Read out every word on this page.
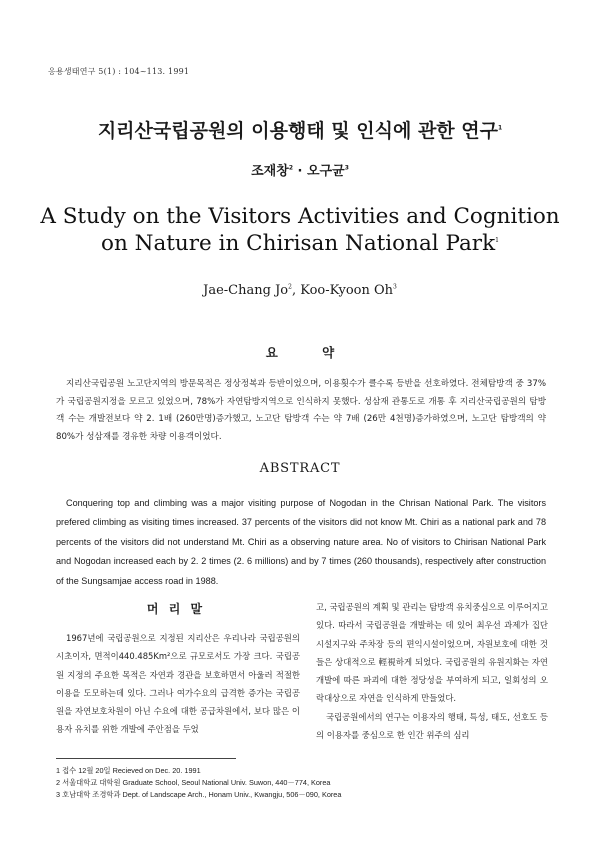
응용생태연구 5(1) : 104~113. 1991
지리산국립공원의 이용행태 및 인식에 관한 연구$^1$
조재창$^2$ · 오구균$^3$
A Study on the Visitors Activities and Cognition
on Nature in Chirisan National Park$^1$
Jae-Chang Jo$^2$, Koo-Kyoon Oh$^3$
요 약

지리산국립공원 노고단지역의 방문목적은 정상정복과 등반이었으며, 이용횟수가 클수록 등반을 선호하였다. 전체탐방객 중 37%가 국립공원지정을 모르고 있었으며, 78%가 자연탐방지역으로 인식하지 못했다. 성삼재 관통도로 개통 후 지리산국립공원의 탐방객 수는 개발전보다 약 2. 1배 (260만명)증가했고, 노고단 탐방객 수는 약 7배 (26만 4천명)증가하였으며, 노고단 탐방객의 약 80%가 성삼재를 경유한 차량 이용객이었다.

ABSTRACT

Conquering top and climbing was a major visiting purpose of Nogodan in the Chrisan National Park. The visitors prefered climbing as visiting times increased. 37 percents of the visitors did not know Mt. Chiri as a national park and 78 percents of the visitors did not understand Mt. Chiri as a observing nature area. No of visitors to Chirisan National Park and Nogodan increased each by 2. 2 times (2. 6 millions) and by 7 times (260 thousands), respectively after construction of the Sungsamjae access road in 1988.

머 리 말

1967년에 국립공원으로 지정된 지리산은 우리나라 국립공원의 시초이자, 면적이440.485Km²으로 규모로서도 가장 크다. 국립공원 지정의 주요한 목적은 자연과 경관을 보호하면서 아울러 적절한 이용을 도모하는데 있다. 그러나 여가수요의 급격한 증가는 국립공원을 자연보호차원이 아닌 수요에 대한 공급차원에서, 보다 많은 이용자 유치를 위한 개발에 주안점을 두었

고, 국립공원의 계획 및 관리는 탐방객 유치중심으로 이루어지고 있다. 따라서 국립공원을 개발하는 데 있어 최우선 과제가 집단시설지구와 주차장 등의 편익시설이었으며, 자원보호에 대한 것들은 상대적으로 輕視하게 되었다. 국립공원의 유원지화는 자연개발에 따른 파괴에 대한 정당성을 부여하게 되고, 일회성의 오락대상으로 자연을 인식하게 만들었다.

국립공원에서의 연구는 이용자의 행태, 특성, 태도, 선호도 등의 이용자를 중심으로 한 인간 위주의 심리

1 접수 12월 20일 Recieved on Dec. 20. 1991
2 서울대학교 대학원 Graduate School, Seoul National Univ. Suwon, 440－774, Korea
3 호남대학 조경학과 Dept. of Landscape Arch., Honam Univ., Kwangju, 506－090, Korea
